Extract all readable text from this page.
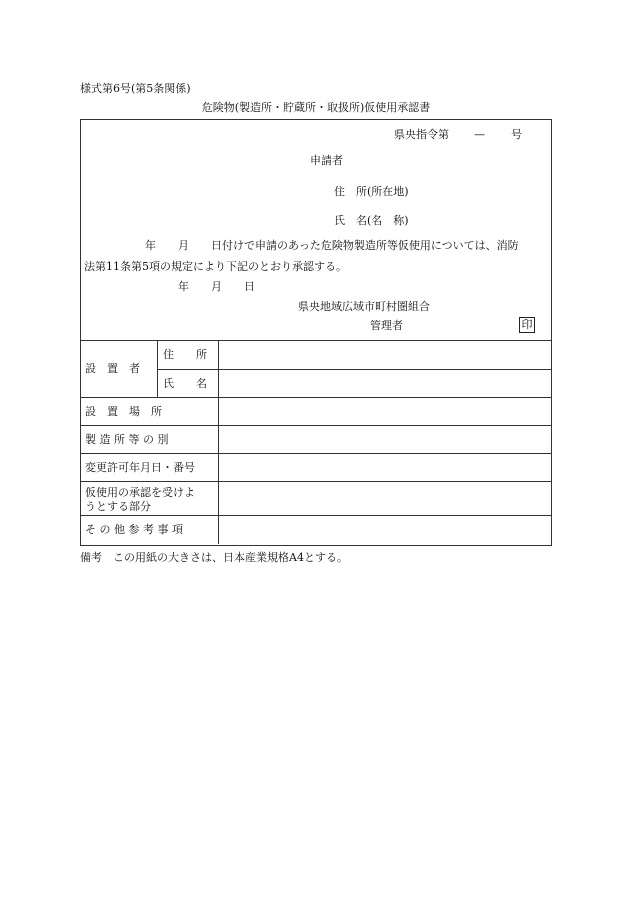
様式第6号(第5条関係)
危険物(製造所・貯蔵所・取扱所)仮使用承認書
県央指令第 — 号
申請者
住　所(所在地)
氏　名(名　称)
年　　月　　日付けで申請のあった危険物製造所等仮使用については、消防
法第11条第5項の規定により下記のとおり承認する。
年　　月　　日
県央地域広域市町村圏組合
管理者	印
設　置　者
住　　所
氏　　名
設　置　場　所
製 造 所 等 の 別
変更許可年月日・番号
仮使用の承認を受けよ
うとする部分
そ の 他 参 考 事 項
備考　この用紙の大きさは、日本産業規格A4とする。
